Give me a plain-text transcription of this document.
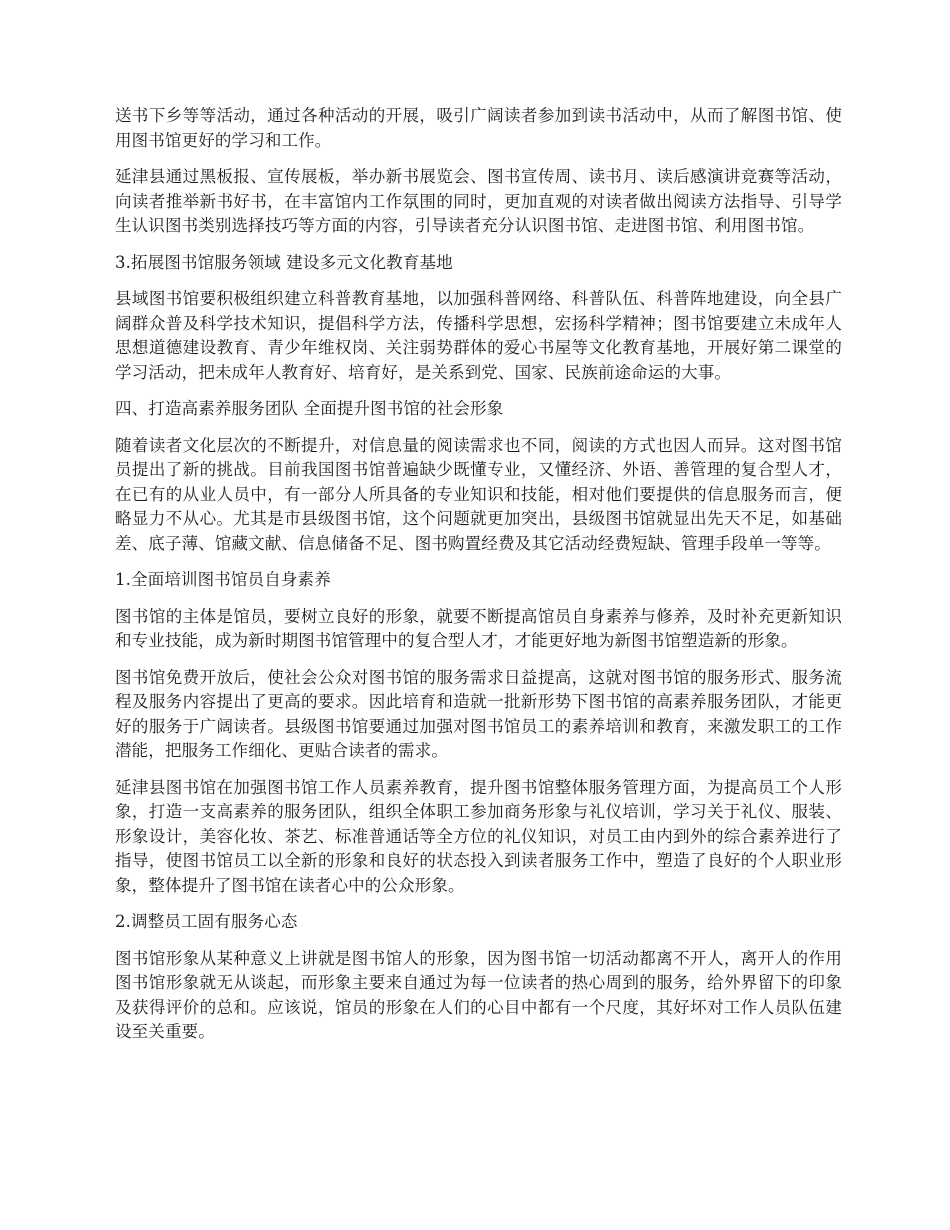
送书下乡等等活动，通过各种活动的开展，吸引广阔读者参加到读书活动中，从而了解图书馆、使用图书馆更好的学习和工作。

延津县通过黑板报、宣传展板，举办新书展览会、图书宣传周、读书月、读后感演讲竞赛等活动，向读者推举新书好书，在丰富馆内工作氛围的同时，更加直观的对读者做出阅读方法指导、引导学生认识图书类别选择技巧等方面的内容，引导读者充分认识图书馆、走进图书馆、利用图书馆。

3.拓展图书馆服务领域 建设多元文化教育基地

县域图书馆要积极组织建立科普教育基地，以加强科普网络、科普队伍、科普阵地建设，向全县广阔群众普及科学技术知识，提倡科学方法，传播科学思想，宏扬科学精神；图书馆要建立未成年人思想道德建设教育、青少年维权岗、关注弱势群体的爱心书屋等文化教育基地，开展好第二课堂的学习活动，把未成年人教育好、培育好，是关系到党、国家、民族前途命运的大事。

四、打造高素养服务团队 全面提升图书馆的社会形象

随着读者文化层次的不断提升，对信息量的阅读需求也不同，阅读的方式也因人而异。这对图书馆员提出了新的挑战。目前我国图书馆普遍缺少既懂专业，又懂经济、外语、善管理的复合型人才，在已有的从业人员中，有一部分人所具备的专业知识和技能，相对他们要提供的信息服务而言，便略显力不从心。尤其是市县级图书馆，这个问题就更加突出，县级图书馆就显出先天不足，如基础差、底子薄、馆藏文献、信息储备不足、图书购置经费及其它活动经费短缺、管理手段单一等等。

1.全面培训图书馆员自身素养

图书馆的主体是馆员，要树立良好的形象，就要不断提高馆员自身素养与修养，及时补充更新知识和专业技能，成为新时期图书馆管理中的复合型人才，才能更好地为新图书馆塑造新的形象。

图书馆免费开放后，使社会公众对图书馆的服务需求日益提高，这就对图书馆的服务形式、服务流程及服务内容提出了更高的要求。因此培育和造就一批新形势下图书馆的高素养服务团队，才能更好的服务于广阔读者。县级图书馆要通过加强对图书馆员工的素养培训和教育，来激发职工的工作潜能，把服务工作细化、更贴合读者的需求。

延津县图书馆在加强图书馆工作人员素养教育，提升图书馆整体服务管理方面，为提高员工个人形象，打造一支高素养的服务团队，组织全体职工参加商务形象与礼仪培训，学习关于礼仪、服装、形象设计，美容化妆、茶艺、标准普通话等全方位的礼仪知识，对员工由内到外的综合素养进行了指导，使图书馆员工以全新的形象和良好的状态投入到读者服务工作中，塑造了良好的个人职业形象，整体提升了图书馆在读者心中的公众形象。

2.调整员工固有服务心态

图书馆形象从某种意义上讲就是图书馆人的形象，因为图书馆一切活动都离不开人，离开人的作用图书馆形象就无从谈起，而形象主要来自通过为每一位读者的热心周到的服务，给外界留下的印象及获得评价的总和。应该说，馆员的形象在人们的心目中都有一个尺度，其好坏对工作人员队伍建设至关重要。
